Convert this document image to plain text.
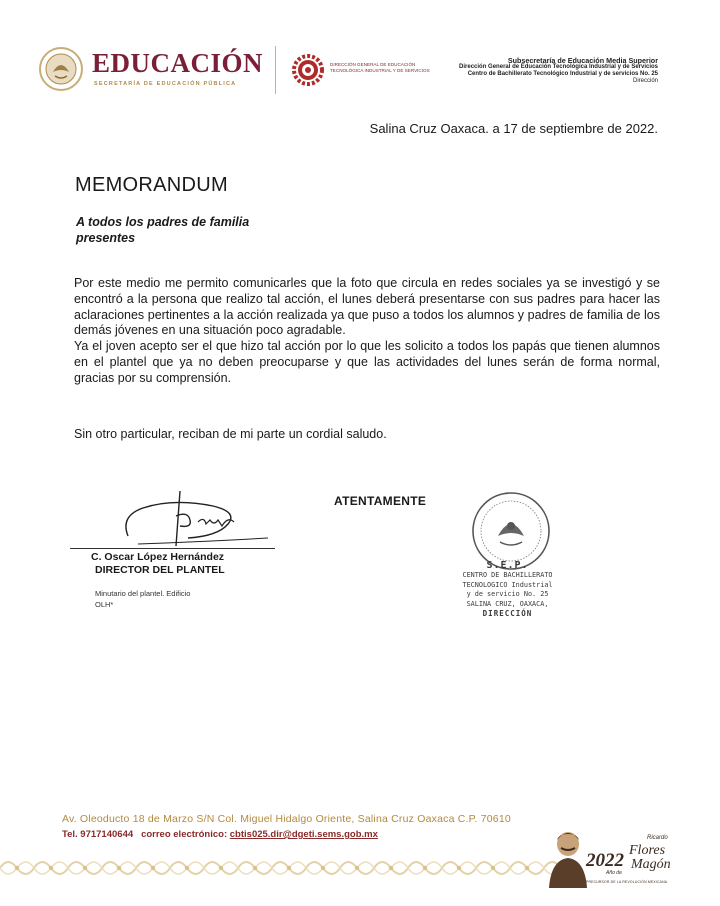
EDUCACIÓN
SECRETARÍA DE EDUCACIÓN PÚBLICA
DIRECCIÓN GENERAL DE EDUCACIÓN
TECNOLÓGICA INDUSTRIAL Y DE SERVICIOS
Subsecretaría de Educación Media Superior
Dirección General de Educación Tecnológica Industrial y de Servicios
Centro de Bachillerato Tecnológico Industrial y de servicios No. 25
Dirección
Salina Cruz Oaxaca. a 17 de septiembre de 2022.
MEMORANDUM
A todos los padres de familia
presentes

Por este medio me permito comunicarles que la foto que circula en redes sociales ya se investigó y se encontró a la persona que realizo tal acción, el lunes deberá presentarse con sus padres para hacer las aclaraciones pertinentes a la acción realizada ya que puso a todos los alumnos y padres de familia de los demás jóvenes en una situación poco agradable.

Ya el joven acepto ser el que hizo tal acción por lo que les solicito a todos los papás que tienen alumnos en el plantel que ya no deben preocuparse y que las actividades del lunes serán de forma normal, gracias por su comprensión.

Sin otro particular, reciban de mi parte un cordial saludo.
ATENTAMENTE
C. Oscar López Hernández
DIRECTOR DEL PLANTEL
Minutario del plantel. Edificio
OLH*
S.E.P.
CENTRO DE BACHILLERATO
TECNOLOGICO Industrial
y de servicio No. 25
SALINA CRUZ, OAXACA,
DIRECCIÓN
Av. Oleoducto 18 de Marzo S/N Col. Miguel Hidalgo Oriente, Salina Cruz Oaxaca C.P. 70610
Tel. 9717140644 correo electrónico: cbtis025.dir@dgeti.sems.gob.mx
2022
Año de
Ricardo
Flores
Magón
PRECURSOR DE LA REVOLUCIÓN MEXICANA
